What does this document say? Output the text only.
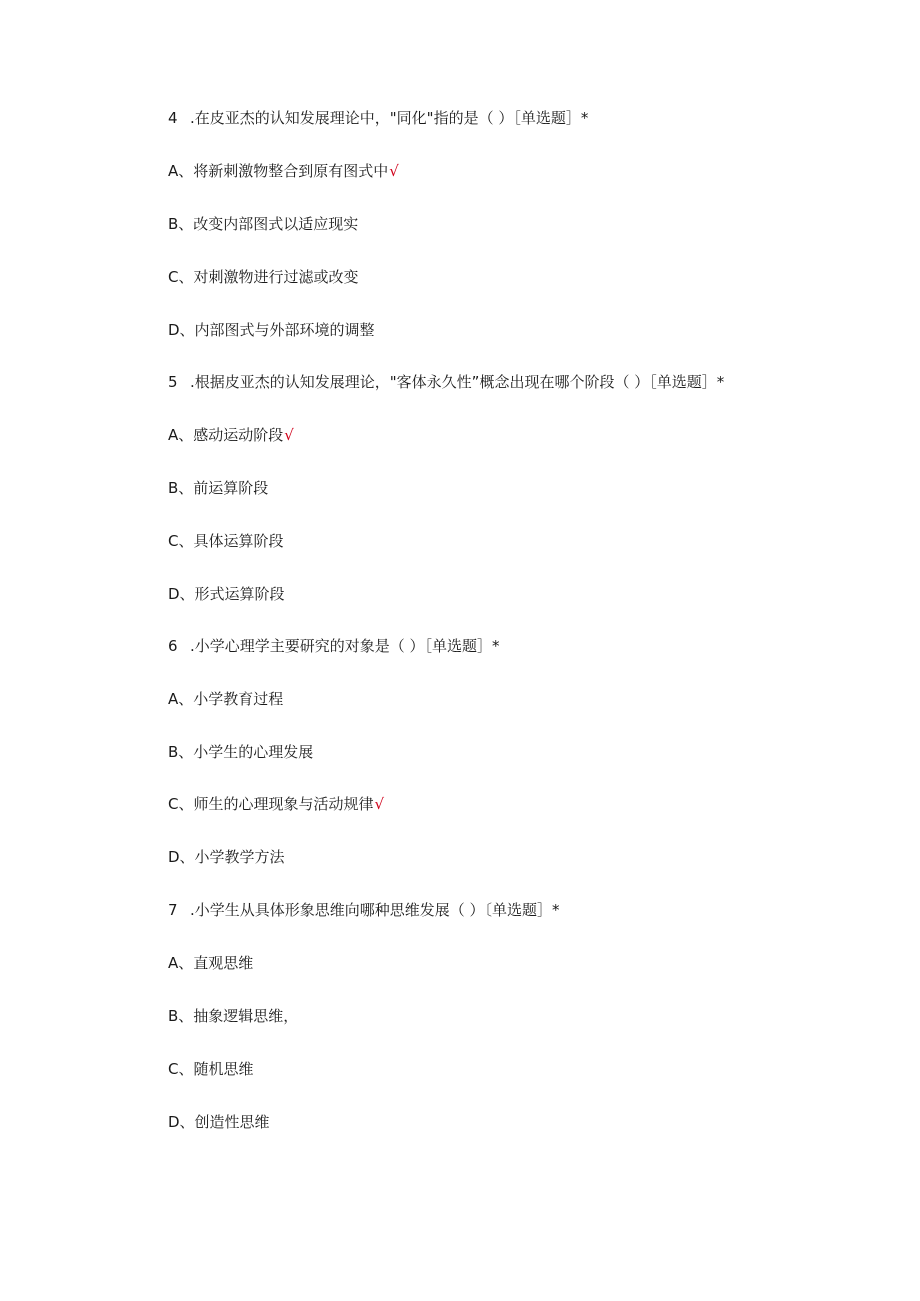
4 .在皮亚杰的认知发展理论中，"同化"指的是（ ）［单选题］*
A、将新刺激物整合到原有图式中√
B、改变内部图式以适应现实
C、对刺激物进行过滤或改变
D、内部图式与外部环境的调整
5 .根据皮亚杰的认知发展理论，"客体永久性”概念出现在哪个阶段（ ）［单选题］*
A、感动运动阶段√
B、前运算阶段
C、具体运算阶段
D、形式运算阶段
6 .小学心理学主要研究的对象是（ ）［单选题］*
A、小学教育过程
B、小学生的心理发展
C、师生的心理现象与活动规律√
D、小学教学方法
7 .小学生从具体形象思维向哪种思维发展（ ）〔单选题］*
A、直观思维
B、抽象逻辑思维，
C、随机思维
D、创造性思维
